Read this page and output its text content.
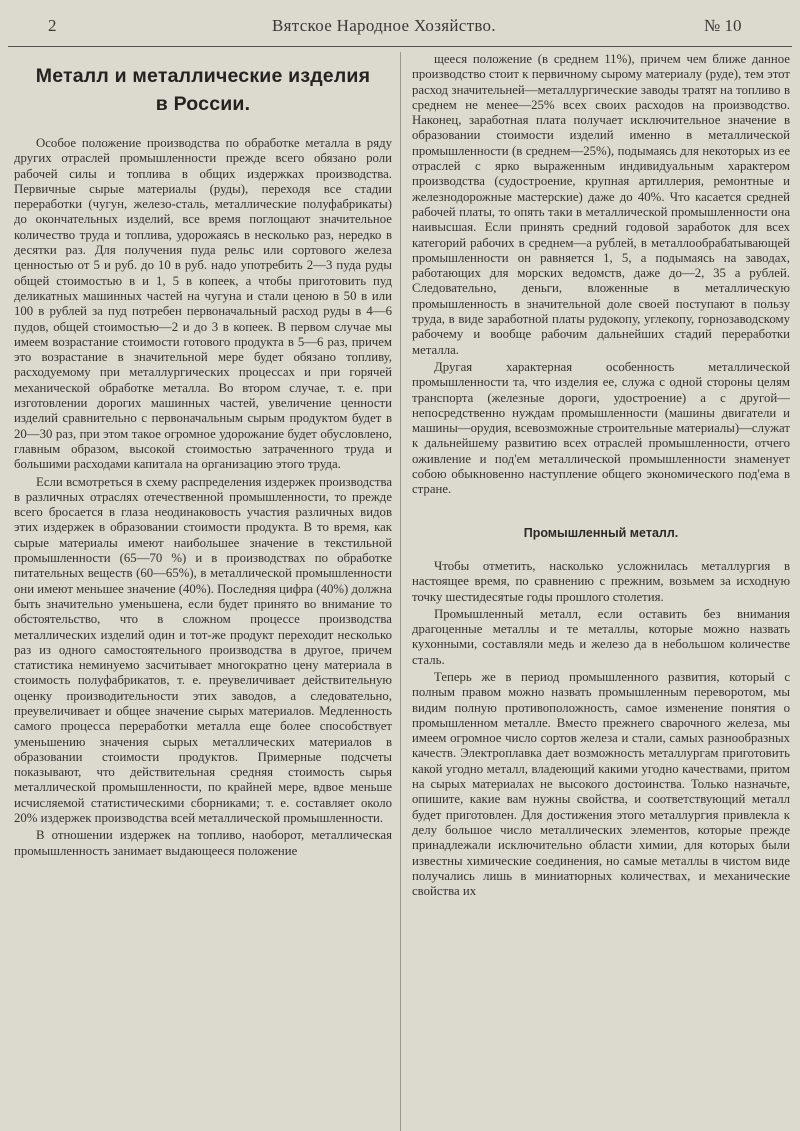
2	Вятское Народное Хозяйство.	№ 10
Металл и металлические изделия
в России.

Особое положение производства по обработке металла в ряду других отраслей промышленности прежде всего обязано роли рабочей силы и топлива в общих издержках производства. Первичные сырые материалы (руды), переходя все стадии переработки (чугун, железо-сталь, металлические полуфабрикаты) до окончательных изделий, все время поглощают значительное количество труда и топлива, удорожаясь в несколько раз, нередко в десятки раз. Для получения пуда рельс или сортового железа ценностью от 5 и руб. до 10 в руб. надо употребить 2—3 пуда руды общей стоимостью в и 1, 5 в копеек, а чтобы приготовить пуд деликатных машинных частей на чугуна и стали ценою в 50 в или 100 в рублей за пуд потребен первоначальный расход руды в 4—6 пудов, общей стоимостью—2 и до 3 в копеек. В первом случае мы имеем возрастание стоимости готового продукта в 5—6 раз, причем это возрастание в значительной мере будет обязано топливу, расходуемому при металлургических процессах и при горячей механической обработке металла. Во втором случае, т. е. при изготовлении дорогих машинных частей, увеличение ценности изделий сравнительно с первоначальным сырым продуктом будет в 20—30 раз, при этом такое огромное удорожание будет обусловлено, главным образом, высокой стоимостью затраченного труда и большими расходами капитала на организацию этого труда.

Если всмотреться в схему распределения издержек производства в различных отраслях отечественной промышленности, то прежде всего бросается в глаза неодинаковость участия различных видов этих издержек в образовании стоимости продукта. В то время, как сырые материалы имеют наибольшее значение в текстильной промышленности (65—70 %) и в производствах по обработке питательных веществ (60—65%), в металлической промышленности они имеют меньшее значение (40%). Последняя цифра (40%) должна быть значительно уменьшена, если будет принято во внимание то обстоятельство, что в сложном процессе производства металлических изделий один и тот-же продукт переходит несколько раз из одного самостоятельного производства в другое, причем статистика неминуемо засчитывает многократно цену материала в стоимость полуфабрикатов, т. е. преувеличивает действительную оценку производительности этих заводов, а следовательно, преувеличивает и общее значение сырых материалов. Медленность самого процесса переработки металла еще более способствует уменьшению значения сырых металлических материалов в образовании стоимости продуктов. Примерные подсчеты показывают, что действительная средняя стоимость сырья металлической промышленности, по крайней мере, вдвое меньше исчисляемой статистическими сборниками; т. е. составляет около 20% издержек производства всей металлической промышленности.

В отношении издержек на топливо, наоборот, металлическая промышленность занимает выдающееся положение

щееся положение (в среднем 11%), причем чем ближе данное производство стоит к первичному сырому материалу (руде), тем этот расход значительней—металлургические заводы тратят на топливо в среднем не менее—25% всех своих расходов на производство. Наконец, заработная плата получает исключительное значение в образовании стоимости изделий именно в металлической промышленности (в среднем—25%), подымаясь для некоторых из ее отраслей с ярко выраженным индивидуальным характером производства (судостроение, крупная артиллерия, ремонтные и железнодорожные мастерские) даже до 40%. Что касается средней рабочей платы, то опять таки в металлической промышленности она наивысшая. Если принять средний годовой заработок для всех категорий рабочих в среднем—а рублей, в металлообрабатывающей промышленности он равняется 1, 5, а подымаясь на заводах, работающих для морских ведомств, даже до—2, 35 а рублей. Следовательно, деньги, вложенные в металлическую промышленность в значительной доле своей поступают в пользу труда, в виде заработной платы рудокопу, углекопу, горнозаводскому рабочему и вообще рабочим дальнейших стадий переработки металла.

Другая характерная особенность металлической промышленности та, что изделия ее, служа с одной стороны целям транспорта (железные дороги, удостроение) а с другой—непосредственно нуждам промышленности (машины двигатели и машины—орудия, всевозможные строительные материалы)—служат к дальнейшему развитию всех отраслей промышленности, отчего оживление и под'ем металлической промышленности знаменует собою обыкновенно наступление общего экономического под'ема в стране.

Промышленный металл.

Чтобы отметить, насколько усложнилась металлургия в настоящее время, по сравнению с прежним, возьмем за исходную точку шестидесятые годы прошлого столетия.

Промышленный металл, если оставить без внимания драгоценные металлы и те металлы, которые можно назвать кухонными, составляли медь и железо да в небольшом количестве сталь.

Теперь же в период промышленного развития, который с полным правом можно назвать промышленным переворотом, мы видим полную противоположность, самое изменение понятия о промышленном металле. Вместо прежнего сварочного железа, мы имеем огромное число сортов железа и стали, самых разнообразных качеств. Электроплавка дает возможность металлургам приготовить какой угодно металл, владеющий какими угодно качествами, притом на сырых материалах не высокого достоинства. Только назначьте, опишите, какие вам нужны свойства, и соответствующий металл будет приготовлен. Для достижения этого металлургия привлекла к делу большое число металлических элементов, которые прежде принадлежали исключительно области химии, для которых были известны химические соединения, но самые металлы в чистом виде получались лишь в миниатюрных количествах, и механические свойства их
